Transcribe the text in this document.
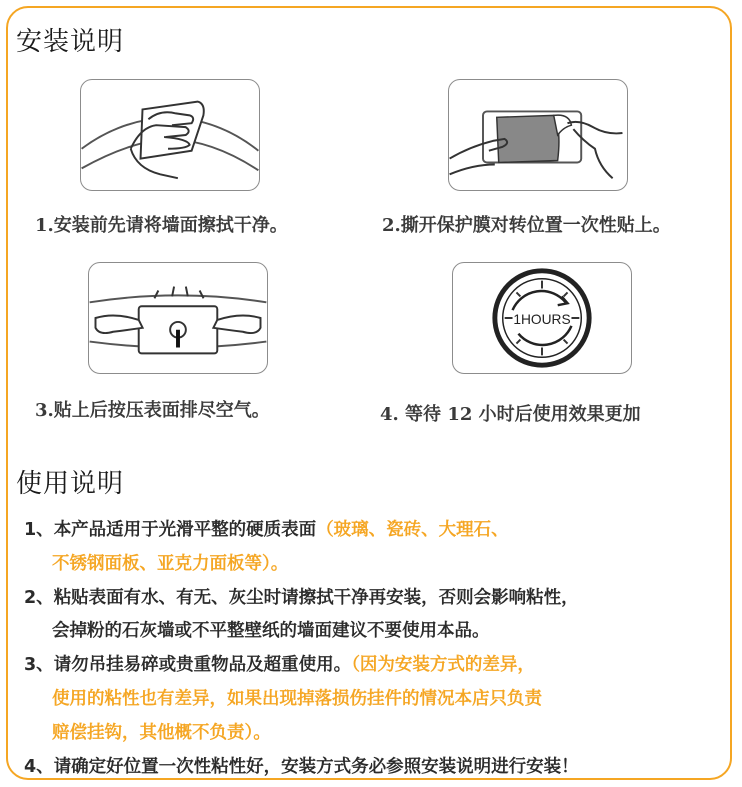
安装说明
1.安装前先请将墙面擦拭干净。	2.撕开保护膜对转位置一次性贴上。
1HOURS
3.贴上后按压表面排尽空气。	4. 等待 12 小时后使用效果更加
使用说明
1、本产品适用于光滑平整的硬质表面（玻璃、瓷砖、大理石、
不锈钢面板、亚克力面板等）。
2、粘贴表面有水、有无、灰尘时请擦拭干净再安装，否则会影响粘性，
会掉粉的石灰墙或不平整壁纸的墙面建议不要使用本品。
3、请勿吊挂易碎或贵重物品及超重使用。（因为安装方式的差异，
使用的粘性也有差异，如果出现掉落损伤挂件的情况本店只负责
赔偿挂钩，其他概不负责）。
4、请确定好位置一次性粘性好，安装方式务必参照安装说明进行安装！
